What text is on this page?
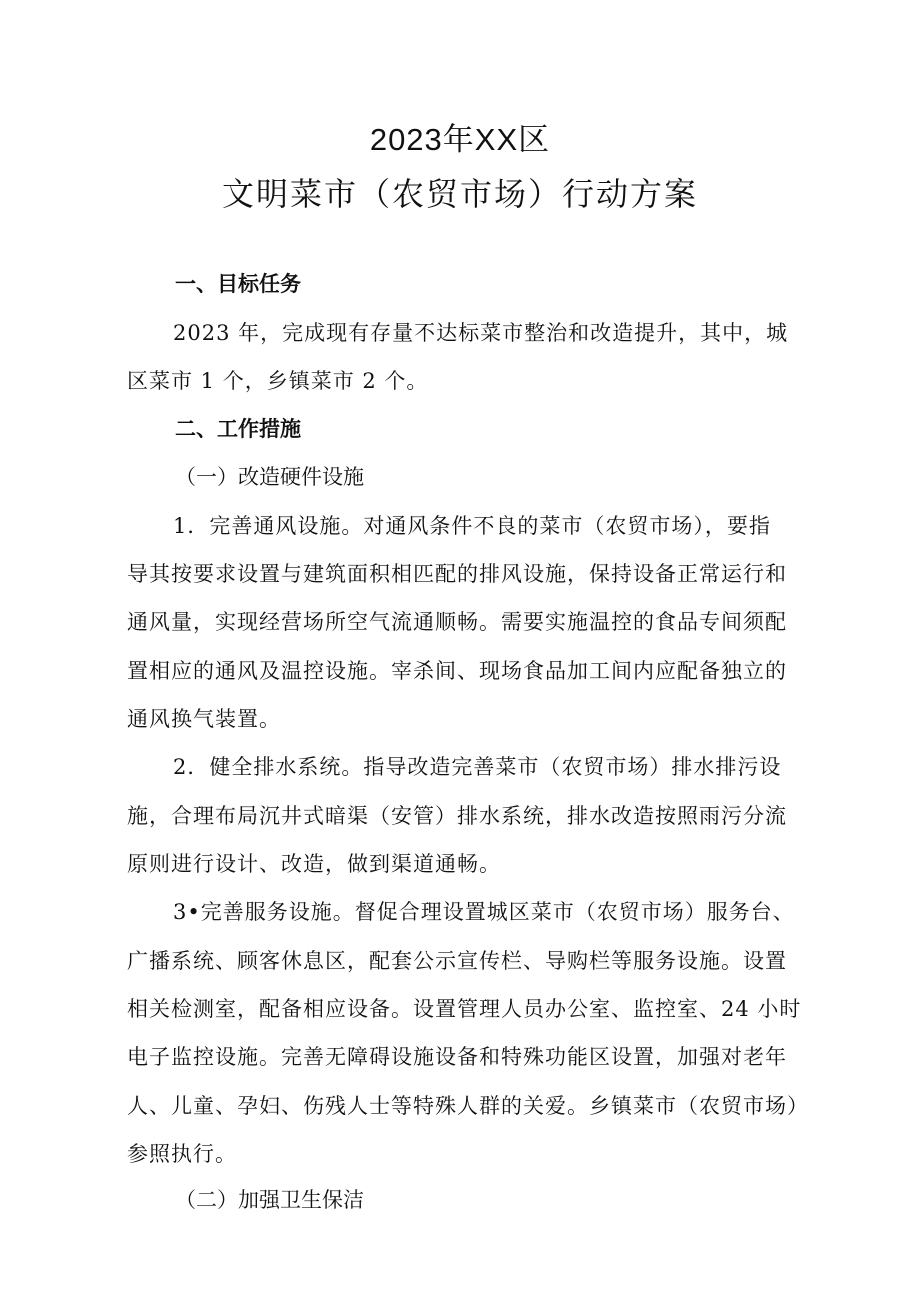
2023年XX区
文明菜市（农贸市场）行动方案
一、目标任务
2023 年，完成现有存量不达标菜市整治和改造提升，其中，城
区菜市 1 个，乡镇菜市 2 个。
二、工作措施
（一）改造硬件设施
1．完善通风设施。对通风条件不良的菜市（农贸市场），要指
导其按要求设置与建筑面积相匹配的排风设施，保持设备正常运行和
通风量，实现经营场所空气流通顺畅。需要实施温控的食品专间须配
置相应的通风及温控设施。宰杀间、现场食品加工间内应配备独立的
通风换气装置。
2．健全排水系统。指导改造完善菜市（农贸市场）排水排污设
施，合理布局沉井式暗渠（安管）排水系统，排水改造按照雨污分流
原则进行设计、改造，做到渠道通畅。
3•完善服务设施。督促合理设置城区菜市（农贸市场）服务台、
广播系统、顾客休息区，配套公示宣传栏、导购栏等服务设施。设置
相关检测室，配备相应设备。设置管理人员办公室、监控室、24 小时
电子监控设施。完善无障碍设施设备和特殊功能区设置，加强对老年
人、儿童、孕妇、伤残人士等特殊人群的关爱。乡镇菜市（农贸市场）
参照执行。
（二）加强卫生保洁
